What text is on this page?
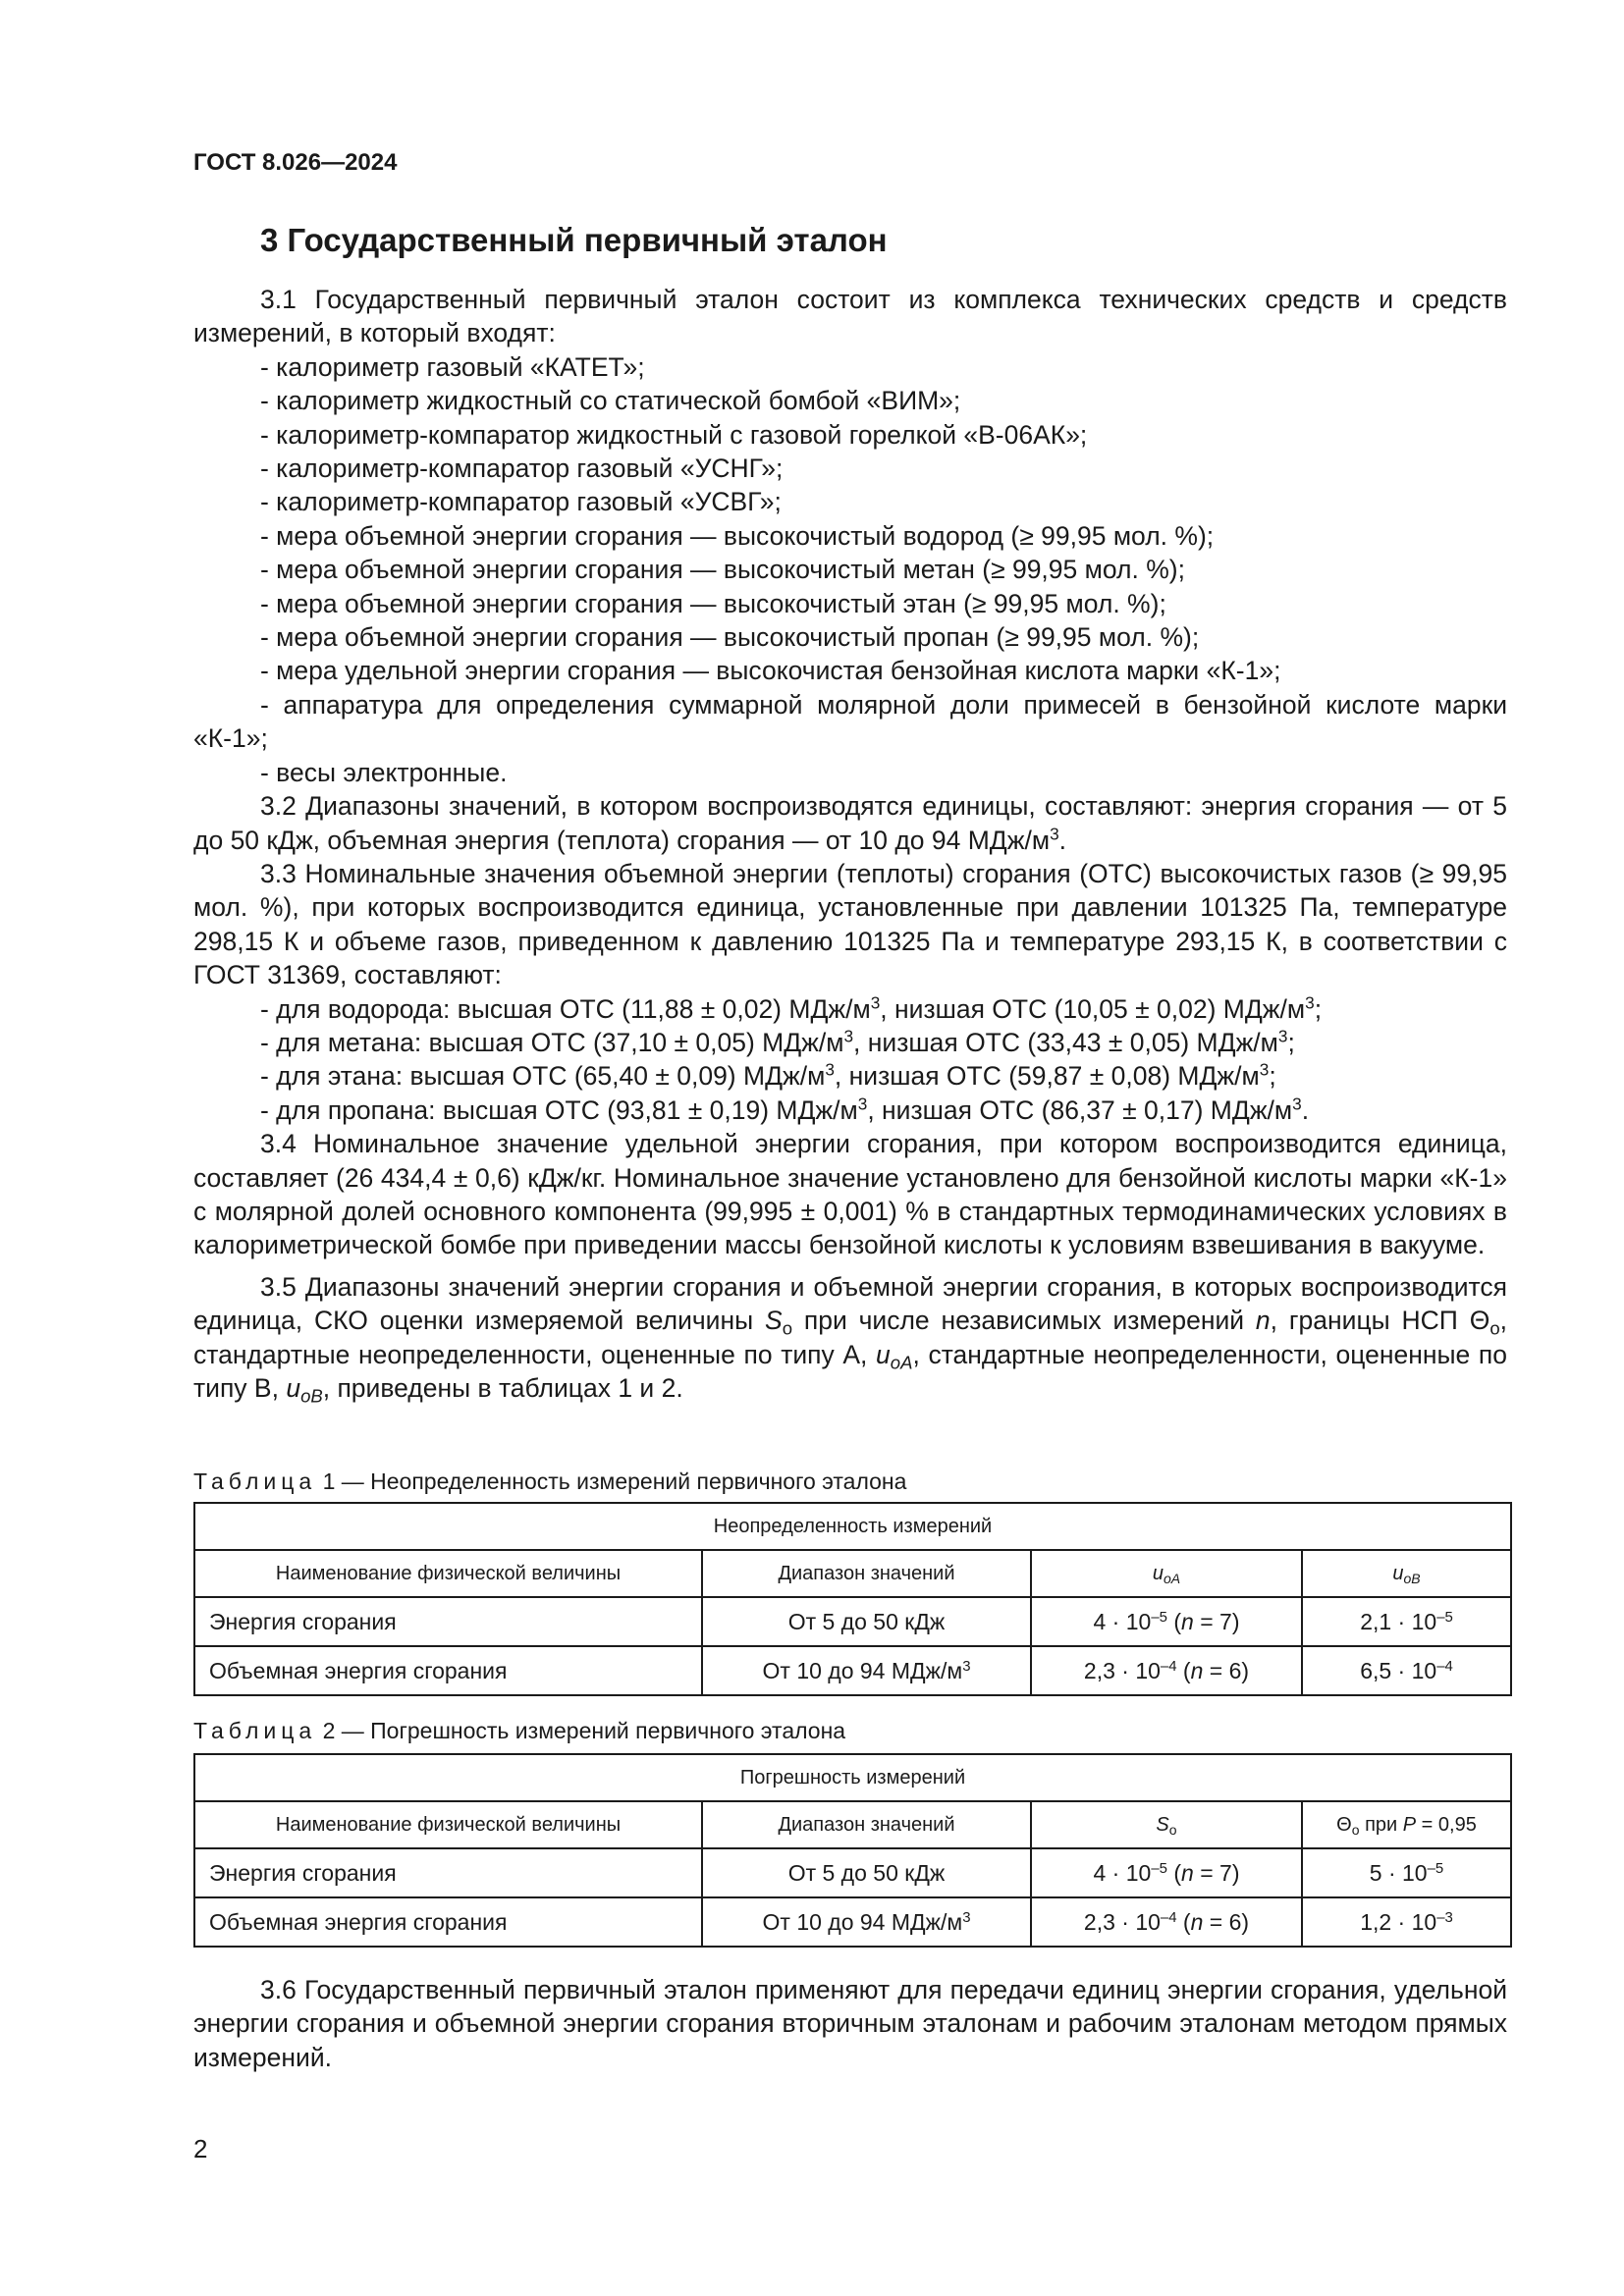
ГОСТ 8.026—2024
3 Государственный первичный эталон

3.1 Государственный первичный эталон состоит из комплекса технических средств и средств измерений, в который входят:

- калориметр газовый «КАТЕТ»;

- калориметр жидкостный со статической бомбой «ВИМ»;

- калориметр-компаратор жидкостный с газовой горелкой «В-06АК»;

- калориметр-компаратор газовый «УСНГ»;

- калориметр-компаратор газовый «УСВГ»;

- мера объемной энергии сгорания — высокочистый водород (≥ 99,95 мол. %);

- мера объемной энергии сгорания — высокочистый метан (≥ 99,95 мол. %);

- мера объемной энергии сгорания — высокочистый этан (≥ 99,95 мол. %);

- мера объемной энергии сгорания — высокочистый пропан (≥ 99,95 мол. %);

- мера удельной энергии сгорания — высокочистая бензойная кислота марки «К-1»;

- аппаратура для определения суммарной молярной доли примесей в бензойной кислоте марки «К-1»;

- весы электронные.

3.2 Диапазоны значений, в котором воспроизводятся единицы, составляют: энергия сгорания — от 5 до 50 кДж, объемная энергия (теплота) сгорания — от 10 до 94 МДж/$м^3$.

3.3 Номинальные значения объемной энергии (теплоты) сгорания (ОТС) высокочистых газов (≥ 99,95 мол. %), при которых воспроизводится единица, установленные при давлении 101325 Па, температуре 298,15 К и объеме газов, приведенном к давлению 101325 Па и температуре 293,15 К, в соответствии с ГОСТ 31369, составляют:

- для водорода: высшая ОТС (11,88 ± 0,02) МДж/$м^3$, низшая ОТС (10,05 ± 0,02) МДж/$м^3$;

- для метана: высшая ОТС (37,10 ± 0,05) МДж/$м^3$, низшая ОТС (33,43 ± 0,05) МДж/$м^3$;

- для этана: высшая ОТС (65,40 ± 0,09) МДж/$м^3$, низшая ОТС (59,87 ± 0,08) МДж/$м^3$;

- для пропана: высшая ОТС (93,81 ± 0,19) МДж/$м^3$, низшая ОТС (86,37 ± 0,17) МДж/$м^3$.

3.4 Номинальное значение удельной энергии сгорания, при котором воспроизводится единица, составляет (26 434,4 ± 0,6) кДж/кг. Номинальное значение установлено для бензойной кислоты марки «К-1» с молярной долей основного компонента (99,995 ± 0,001) % в стандартных термодинамических условиях в калориметрической бомбе при приведении массы бензойной кислоты к условиям взвешивания в вакууме.

3.5 Диапазоны значений энергии сгорания и объемной энергии сгорания, в которых воспроизводится единица, СКО оценки измеряемой величины $S_о$ при числе независимых измерений n, границы НСП $\Theta_о$, стандартные неопределенности, оцененные по типу А, $u_{оA}$, стандартные неопределенности, оцененные по типу В, $u_{оB}$, приведены в таблицах 1 и 2.

Таблица 1 — Неопределенность измерений первичного эталона
Неопределенность измерений			
Наименование физической величины	Диапазон значений	$u_{оA}$	$u_{оB}$
Энергия сгорания	От 5 до 50 кДж	$4 \cdot 10^{-5}$ (n = 7)	$2,1 \cdot 10^{-5}$
Объемная энергия сгорания	От 10 до 94 МДж/$м^3$	$2,3 \cdot 10^{-4}$ (n = 6)	$6,5 \cdot 10^{-4}$
Таблица 2 — Погрешность измерений первичного эталона
Погрешность измерений			
Наименование физической величины	Диапазон значений	$S_о$	$\Theta_о$ при P = 0,95
Энергия сгорания	От 5 до 50 кДж	$4 \cdot 10^{-5}$ (n = 7)	$5 \cdot 10^{-5}$
Объемная энергия сгорания	От 10 до 94 МДж/$м^3$	$2,3 \cdot 10^{-4}$ (n = 6)	$1,2 \cdot 10^{-3}$

3.6 Государственный первичный эталон применяют для передачи единиц энергии сгорания, удельной энергии сгорания и объемной энергии сгорания вторичным эталонам и рабочим эталонам методом прямых измерений.

2
